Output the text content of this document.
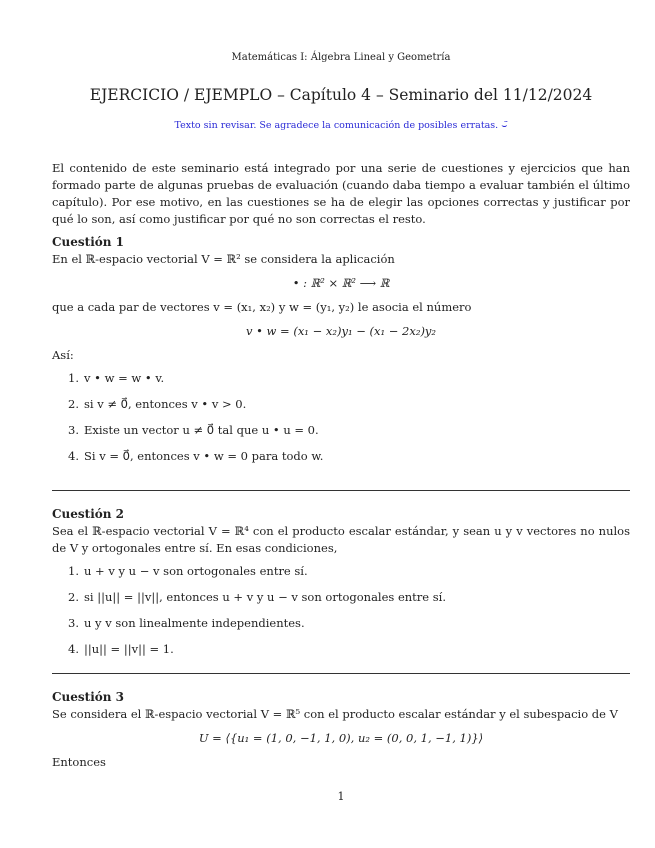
Matemáticas I: Álgebra Lineal y Geometría
EJERCICIO / EJEMPLO – Capítulo 4 – Seminario del 11/12/2024
Texto sin revisar. Se agradece la comunicación de posibles erratas. ⌣̈
El contenido de este seminario está integrado por una serie de cuestiones y ejercicios que han formado parte de algunas pruebas de evaluación (cuando daba tiempo a evaluar también el último capítulo). Por ese motivo, en las cuestiones se ha de elegir las opciones correctas y justificar por qué lo son, así como justificar por qué no son correctas el resto.
Cuestión 1
En el ℝ-espacio vectorial V = ℝ² se considera la aplicación
• : ℝ² × ℝ² ⟶ ℝ
que a cada par de vectores v = (x₁, x₂) y w = (y₁, y₂) le asocia el número
v • w = (x₁ − x₂)y₁ − (x₁ − 2x₂)y₂
Así:
1. v • w = w • v.
2. si v ≠ 0⃗, entonces v • v > 0.
3. Existe un vector u ≠ 0⃗ tal que u • u = 0.
4. Si v = 0⃗, entonces v • w = 0 para todo w.
Cuestión 2
Sea el ℝ-espacio vectorial V = ℝ⁴ con el producto escalar estándar, y sean u y v vectores no nulos de V y ortogonales entre sí. En esas condiciones,
1. u + v y u − v son ortogonales entre sí.
2. si ||u|| = ||v||, entonces u + v y u − v son ortogonales entre sí.
3. u y v son linealmente independientes.
4. ||u|| = ||v|| = 1.
Cuestión 3
Se considera el ℝ-espacio vectorial V = ℝ⁵ con el producto escalar estándar y el subespacio de V
U = ⟨{u₁ = (1, 0, −1, 1, 0), u₂ = (0, 0, 1, −1, 1)}⟩
Entonces
1
